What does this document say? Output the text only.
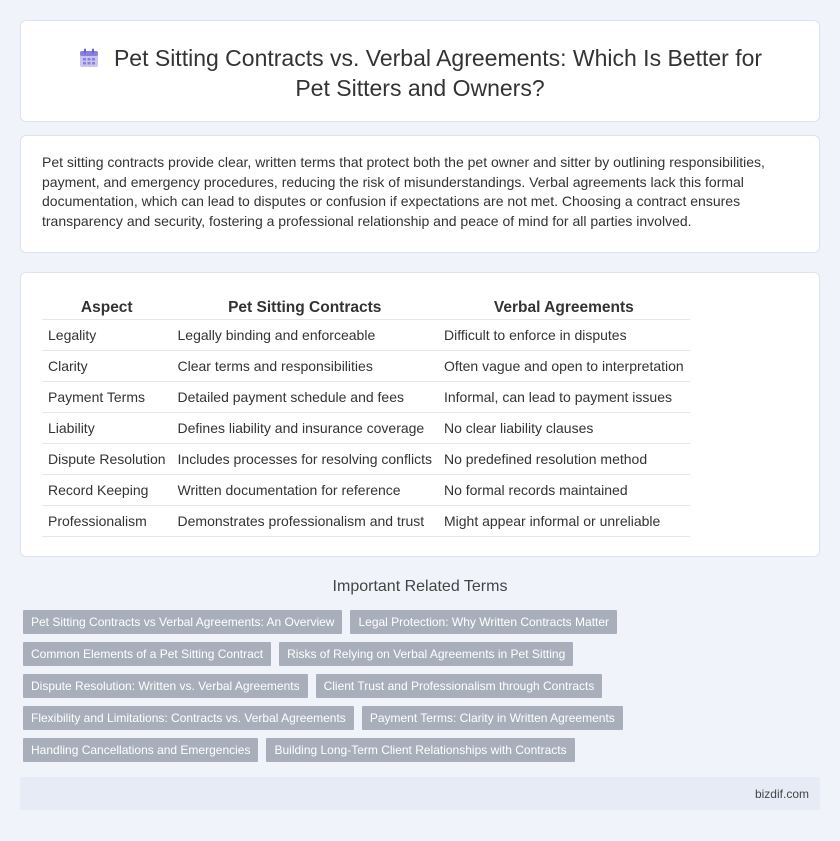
Pet Sitting Contracts vs. Verbal Agreements: Which Is Better for Pet Sitters and Owners?

Pet sitting contracts provide clear, written terms that protect both the pet owner and sitter by outlining responsibilities, payment, and emergency procedures, reducing the risk of misunderstandings. Verbal agreements lack this formal documentation, which can lead to disputes or confusion if expectations are not met. Choosing a contract ensures transparency and security, fostering a professional relationship and peace of mind for all parties involved.

Aspect	Pet Sitting Contracts	Verbal Agreements
Legality	Legally binding and enforceable	Difficult to enforce in disputes
Clarity	Clear terms and responsibilities	Often vague and open to interpretation
Payment Terms	Detailed payment schedule and fees	Informal, can lead to payment issues
Liability	Defines liability and insurance coverage	No clear liability clauses
Dispute Resolution	Includes processes for resolving conflicts	No predefined resolution method
Record Keeping	Written documentation for reference	No formal records maintained
Professionalism	Demonstrates professionalism and trust	Might appear informal or unreliable
Important Related Terms
Pet Sitting Contracts vs Verbal Agreements: An Overview	Legal Protection: Why Written Contracts Matter
Common Elements of a Pet Sitting Contract	Risks of Relying on Verbal Agreements in Pet Sitting
Dispute Resolution: Written vs. Verbal Agreements	Client Trust and Professionalism through Contracts
Flexibility and Limitations: Contracts vs. Verbal Agreements	Payment Terms: Clarity in Written Agreements
Handling Cancellations and Emergencies	Building Long-Term Client Relationships with Contracts
bizdif.com
